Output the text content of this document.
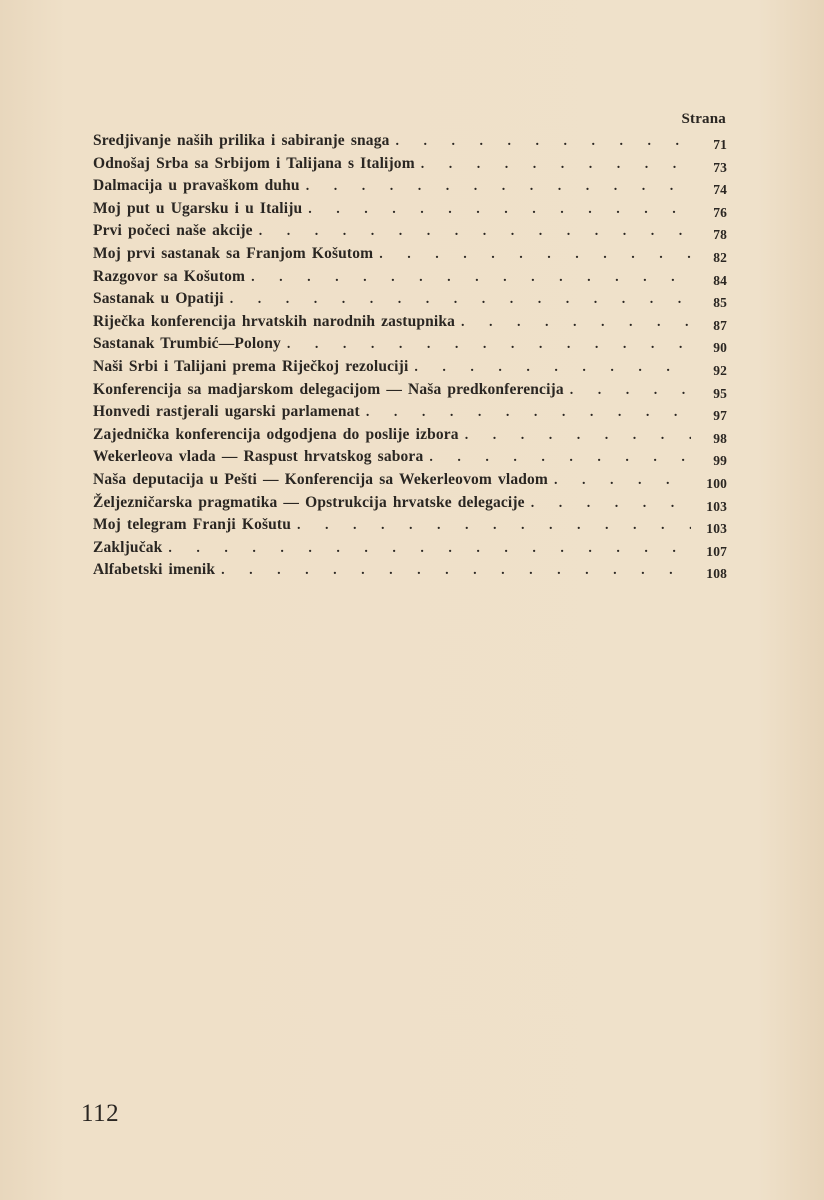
Strana
Sredjivanje naših prilika i sabiranje snaga . . .	71
Odnošaj Srba sa Srbijom i Talijana s Italijom . . .	73
Dalmacija u pravaškom duhu . . .	74
Moj put u Ugarsku i u Italiju . . .	76
Prvi počeci naše akcije . . .	78
Moj prvi sastanak sa Franjom Košutom . . .	82
Razgovor sa Košutom . . .	84
Sastanak u Opatiji . . .	85
Riječka konferencija hrvatskih narodnih zastupnika . . .	87
Sastanak Trumbić—Polony . . .	90
Naši Srbi i Talijani prema Riječkoj rezoluciji . . .	92
Konferencija sa madjarskom delegacijom — Naša predkonferencija . . .	95
Honvedi rastjerali ugarski parlamenat . . .	97
Zajednička konferencija odgodjena do poslije izbora . . .	98
Wekerleova vlada — Raspust hrvatskog sabora . . .	99
Naša deputacija u Pešti — Konferencija sa Wekerleovom vladom . . .	100
Željezničarska pragmatika — Opstrukcija hrvatske delegacije . . .	103
Moj telegram Franji Košutu . . .	103
Zaključak . . .	107
Alfabetski imenik . . .	108
112
